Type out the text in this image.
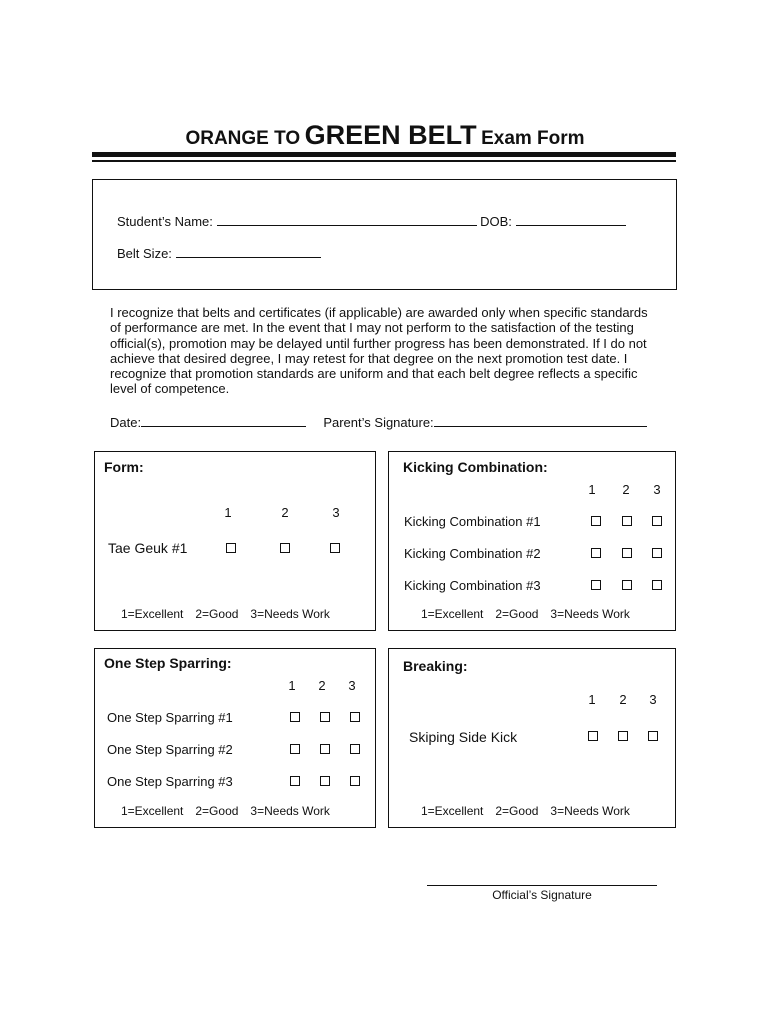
ORANGE TO GREEN BELT Exam Form
Student’s Name:	DOB:
Belt Size:
I recognize that belts and certificates (if applicable) are awarded only when specific standards of performance are met. In the event that I may not perform to the satisfaction of the testing official(s), promotion may be delayed until further progress has been demonstrated. If I do not achieve that desired degree, I may retest for that degree on the next promotion test date. I recognize that promotion standards are uniform and that each belt degree reflects a specific level of competence.
Date:	Parent’s Signature:
Form:
1	2	3
Tae Geuk #1
1=Excellent 2=Good 3=Needs Work
Kicking Combination:
1 2 3
Kicking Combination #1
Kicking Combination #2
Kicking Combination #3
1=Excellent 2=Good 3=Needs Work
One Step Sparring:
1 2 3
One Step Sparring #1
One Step Sparring #2
One Step Sparring #3
1=Excellent 2=Good 3=Needs Work
Breaking:
1 2 3
Skiping Side Kick
1=Excellent 2=Good 3=Needs Work
Official’s Signature
